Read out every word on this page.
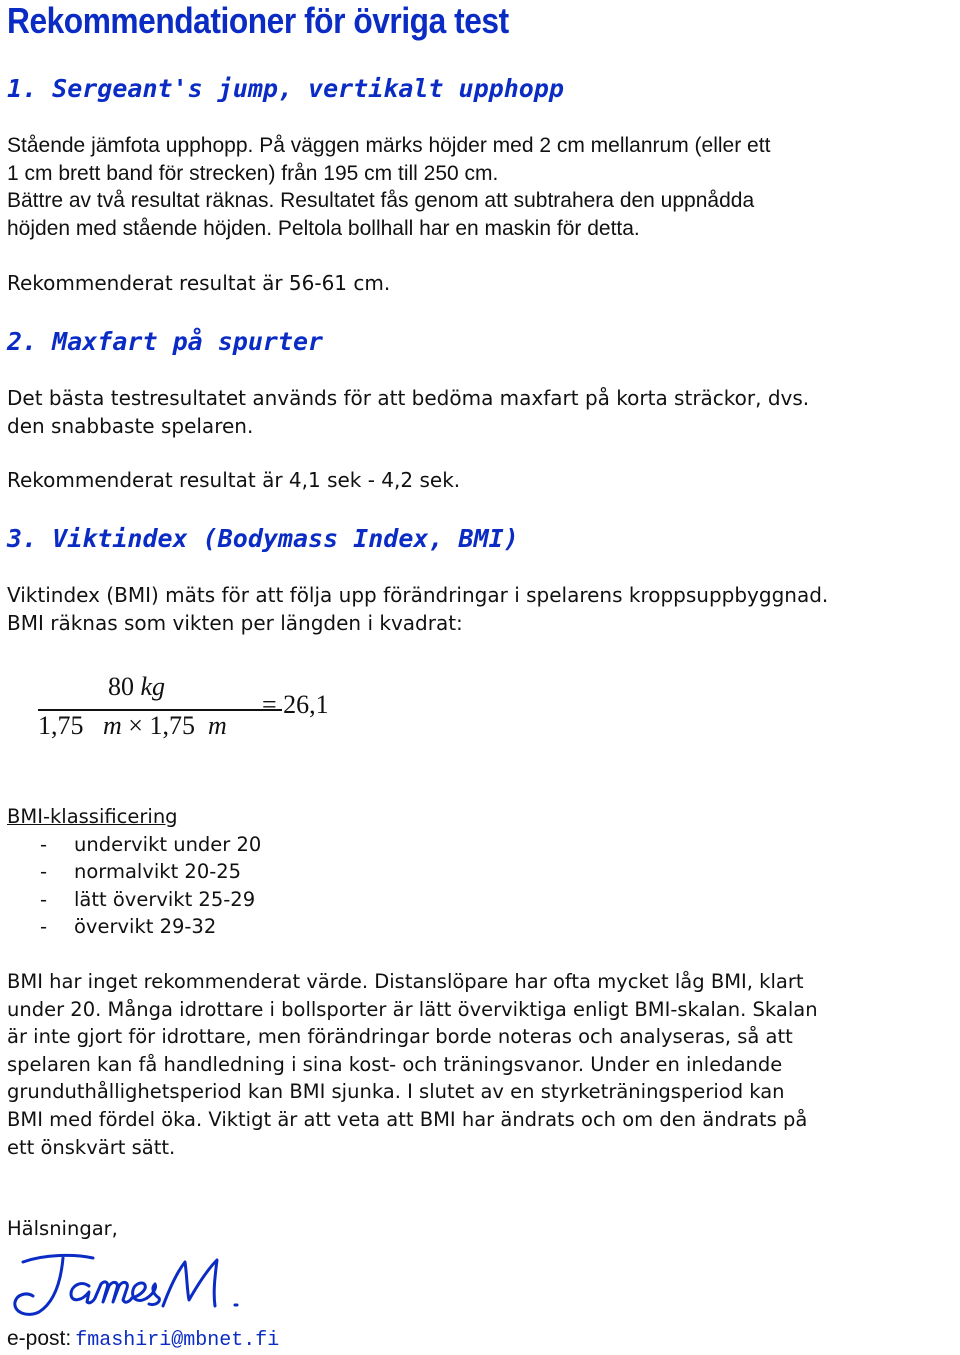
Rekommendationer för övriga test
1. Sergeant's jump, vertikalt upphopp
Stående jämfota upphopp. På väggen märks höjder med 2 cm mellanrum (eller ett
1 cm brett band för strecken) från 195 cm till 250 cm.
Bättre av två resultat räknas. Resultatet fås genom att subtrahera den uppnådda
höjden med stående höjden. Peltola bollhall har en maskin för detta.
Rekommenderat resultat är 56-61 cm.
2. Maxfart på spurter
Det bästa testresultatet används för att bedöma maxfart på korta sträckor, dvs.
den snabbaste spelaren.
Rekommenderat resultat är 4,1 sek - 4,2 sek.
3. Viktindex (Bodymass Index, BMI)
Viktindex (BMI) mäts för att följa upp förändringar i spelarens kroppsuppbyggnad.
BMI räknas som vikten per längden i kvadrat:
80 kg
1,75 m × 1,75 m
= 26,1
BMI-klassificering
- undervikt under 20
- normalvikt 20-25
- lätt övervikt 25-29
- övervikt 29-32
BMI har inget rekommenderat värde. Distanslöpare har ofta mycket låg BMI, klart
under 20. Många idrottare i bollsporter är lätt överviktiga enligt BMI-skalan. Skalan
är inte gjort för idrottare, men förändringar borde noteras och analyseras, så att
spelaren kan få handledning i sina kost- och träningsvanor. Under en inledande
grunduthållighetsperiod kan BMI sjunka. I slutet av en styrketräningsperiod kan
BMI med fördel öka. Viktigt är att veta att BMI har ändrats och om den ändrats på
ett önskvärt sätt.
Hälsningar,
e-post: fmashiri@mbnet.fi
